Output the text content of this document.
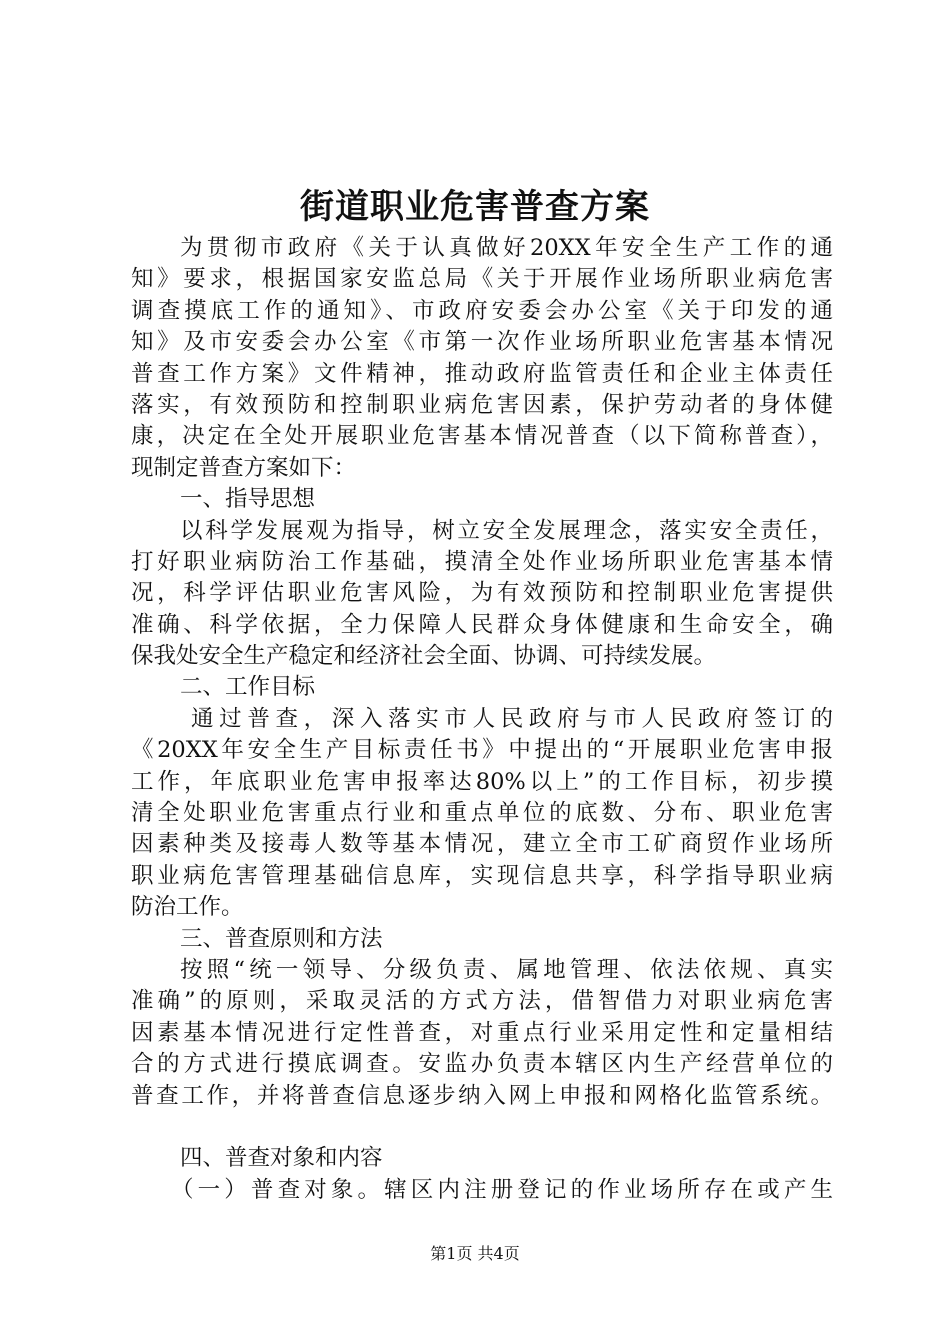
街道职业危害普查方案
为贯彻市政府《关于认真做好20XX年安全生产工作的通
知》要求，根据国家安监总局《关于开展作业场所职业病危害
调查摸底工作的通知》、市政府安委会办公室《关于印发的通
知》及市安委会办公室《市第一次作业场所职业危害基本情况
普查工作方案》文件精神，推动政府监管责任和企业主体责任
落实，有效预防和控制职业病危害因素，保护劳动者的身体健
康，决定在全处开展职业危害基本情况普查（以下简称普查），
现制定普查方案如下：
一、指导思想
以科学发展观为指导，树立安全发展理念，落实安全责任，
打好职业病防治工作基础，摸清全处作业场所职业危害基本情
况，科学评估职业危害风险，为有效预防和控制职业危害提供
准确、科学依据，全力保障人民群众身体健康和生命安全，确
保我处安全生产稳定和经济社会全面、协调、可持续发展。
二、工作目标
通过普查，深入落实市人民政府与市人民政府签订的
《20XX年安全生产目标责任书》中提出的“开展职业危害申报
工作，年底职业危害申报率达80%以上”的工作目标，初步摸
清全处职业危害重点行业和重点单位的底数、分布、职业危害
因素种类及接毒人数等基本情况，建立全市工矿商贸作业场所
职业病危害管理基础信息库，实现信息共享，科学指导职业病
防治工作。
三、普查原则和方法
按照“统一领导、分级负责、属地管理、依法依规、真实
准确”的原则，采取灵活的方式方法，借智借力对职业病危害
因素基本情况进行定性普查，对重点行业采用定性和定量相结
合的方式进行摸底调查。安监办负责本辖区内生产经营单位的
普查工作，并将普查信息逐步纳入网上申报和网格化监管系统。
四、普查对象和内容
（一）普查对象。辖区内注册登记的作业场所存在或产生
第1页 共4页
